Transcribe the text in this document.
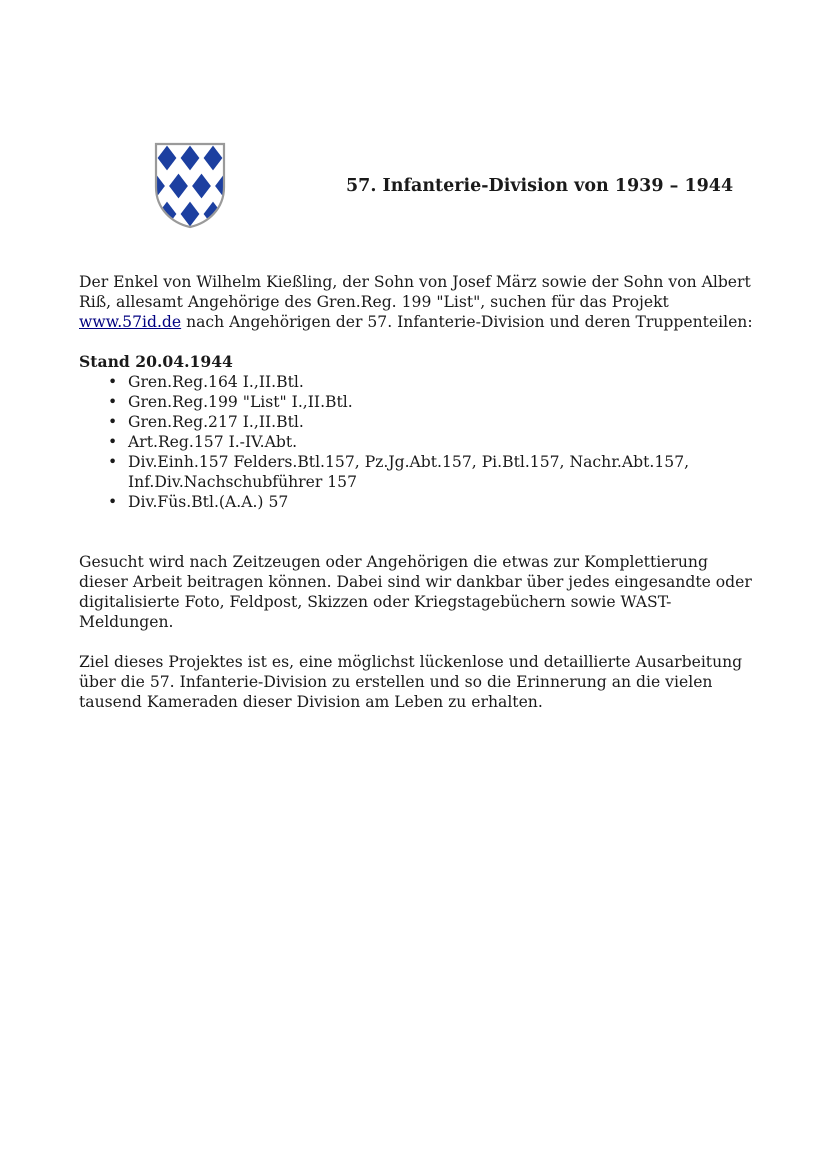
57. Infanterie-Division von 1939 – 1944

Der Enkel von Wilhelm Kießling, der Sohn von Josef März sowie der Sohn von Albert Riß, allesamt Angehörige des Gren.Reg. 199 "List", suchen für das Projekt www.57id.de nach Angehörigen der 57. Infanterie-Division und deren Truppenteilen:

Stand 20.04.1944

• Gren.Reg.164 I.,II.Btl.
• Gren.Reg.199 "List" I.,II.Btl.
• Gren.Reg.217 I.,II.Btl.
• Art.Reg.157 I.-IV.Abt.
• Div.Einh.157 Felders.Btl.157, Pz.Jg.Abt.157, Pi.Btl.157, Nachr.Abt.157, Inf.Div.Nachschubführer 157
• Div.Füs.Btl.(A.A.) 57

Gesucht wird nach Zeitzeugen oder Angehörigen die etwas zur Komplettierung dieser Arbeit beitragen können. Dabei sind wir dankbar über jedes eingesandte oder digitalisierte Foto, Feldpost, Skizzen oder Kriegstagebüchern sowie WAST-Meldungen.

Ziel dieses Projektes ist es, eine möglichst lückenlose und detaillierte Ausarbeitung über die 57. Infanterie-Division zu erstellen und so die Erinnerung an die vielen tausend Kameraden dieser Division am Leben zu erhalten.
